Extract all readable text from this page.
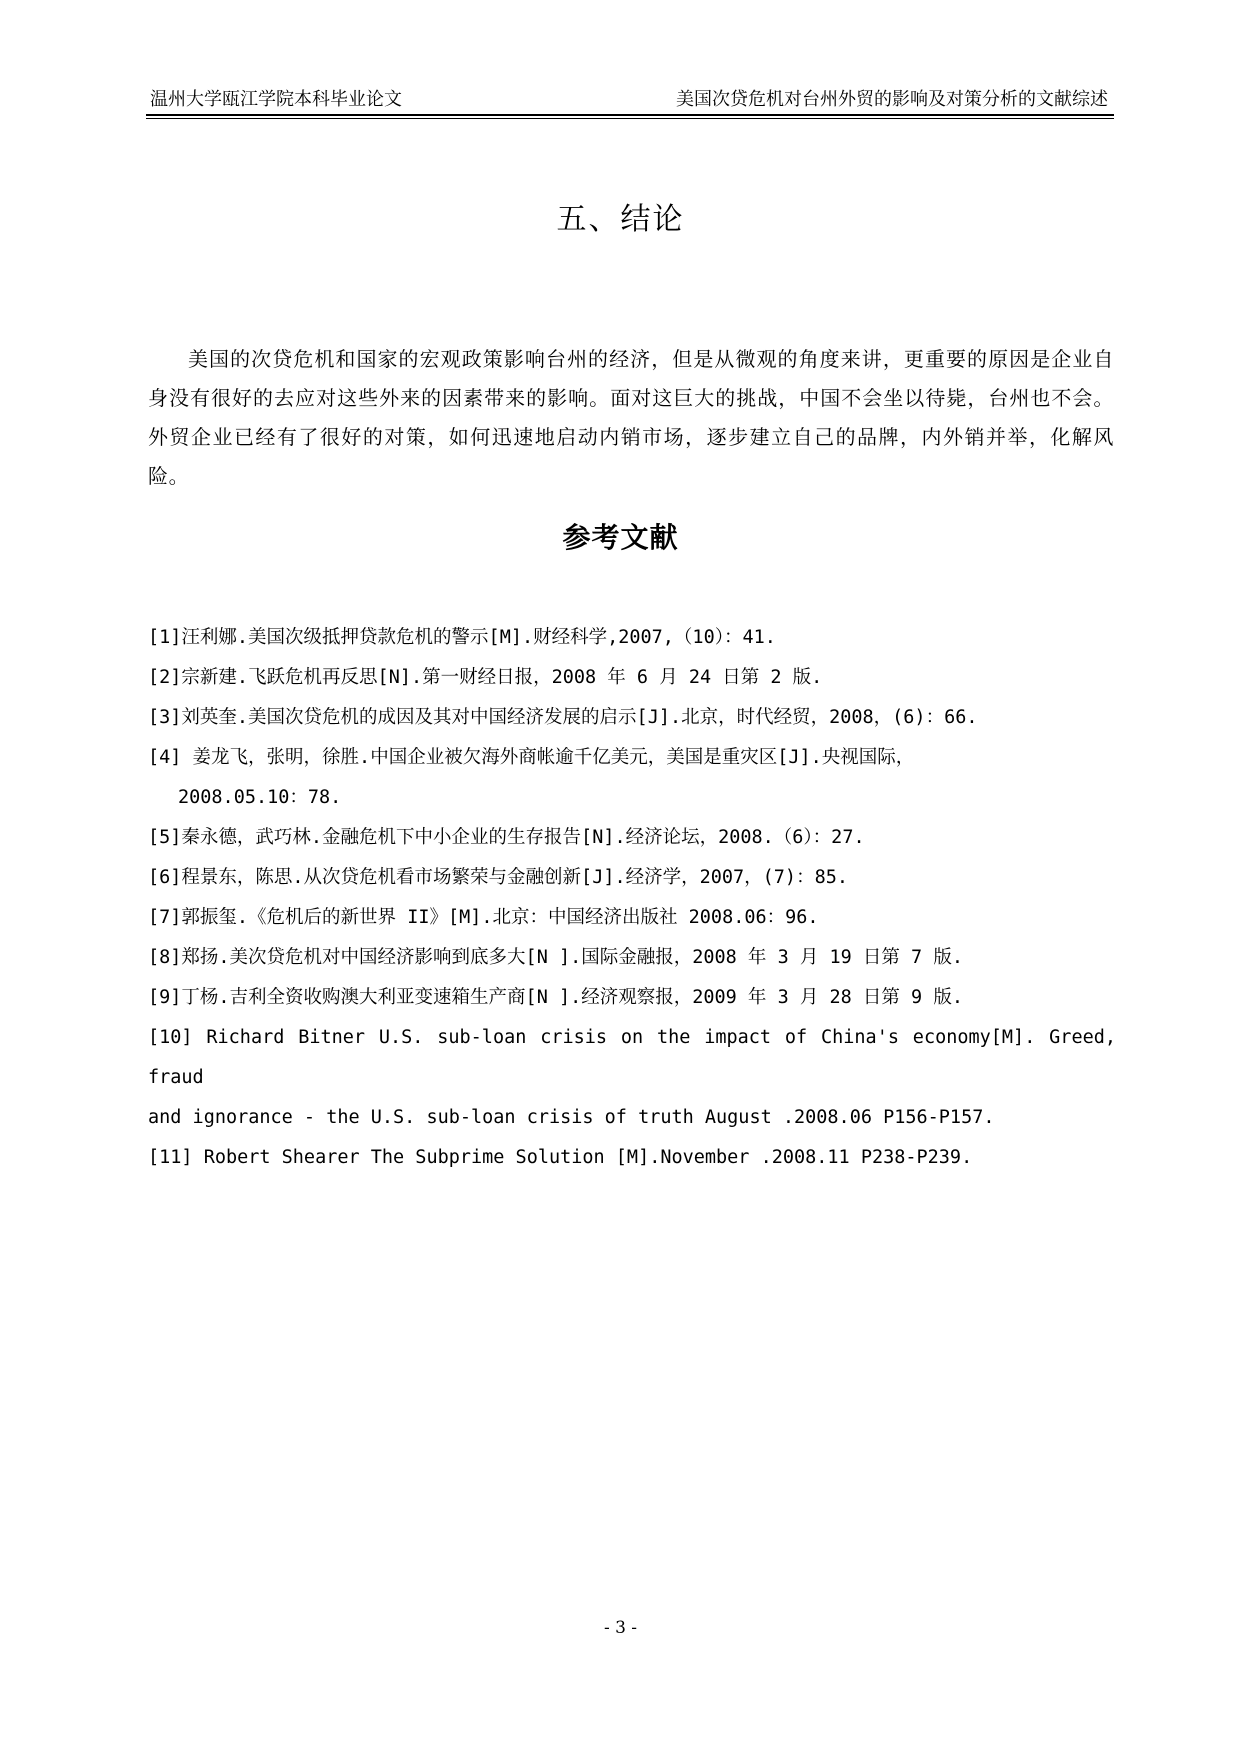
温州大学瓯江学院本科毕业论文	美国次贷危机对台州外贸的影响及对策分析的文献综述
五、结论

美国的次贷危机和国家的宏观政策影响台州的经济，但是从微观的角度来讲，更重要的原因是企业自身没有很好的去应对这些外来的因素带来的影响。面对这巨大的挑战，中国不会坐以待毙，台州也不会。外贸企业已经有了很好的对策，如何迅速地启动内销市场，逐步建立自己的品牌，内外销并举，化解风险。

参考文献
[1]汪利娜.美国次级抵押贷款危机的警示[M].财经科学,2007,（10）：41.
[2]宗新建.飞跃危机再反思[N].第一财经日报，2008 年 6 月 24 日第 2 版.
[3]刘英奎.美国次贷危机的成因及其对中国经济发展的启示[J].北京，时代经贸，2008，(6)：66.
[4] 姜龙飞，张明，徐胜.中国企业被欠海外商帐逾千亿美元，美国是重灾区[J].央视国际，
2008.05.10：78.
[5]秦永德，武巧林.金融危机下中小企业的生存报告[N].经济论坛，2008.（6）：27.
[6]程景东，陈思.从次贷危机看市场繁荣与金融创新[J].经济学，2007，(7)：85.
[7]郭振玺.《危机后的新世界 II》[M].北京：中国经济出版社 2008.06：96.
[8]郑扬.美次贷危机对中国经济影响到底多大[N ].国际金融报，2008 年 3 月 19 日第 7 版.
[9]丁杨.吉利全资收购澳大利亚变速箱生产商[N ].经济观察报，2009 年 3 月 28 日第 9 版.
[10] Richard Bitner U.S. sub-loan crisis on the impact of China's economy[M]. Greed, fraud
and ignorance - the U.S. sub-loan crisis of truth August .2008.06 P156-P157.
[11] Robert Shearer The Subprime Solution [M].November .2008.11 P238-P239.
- 3 -
